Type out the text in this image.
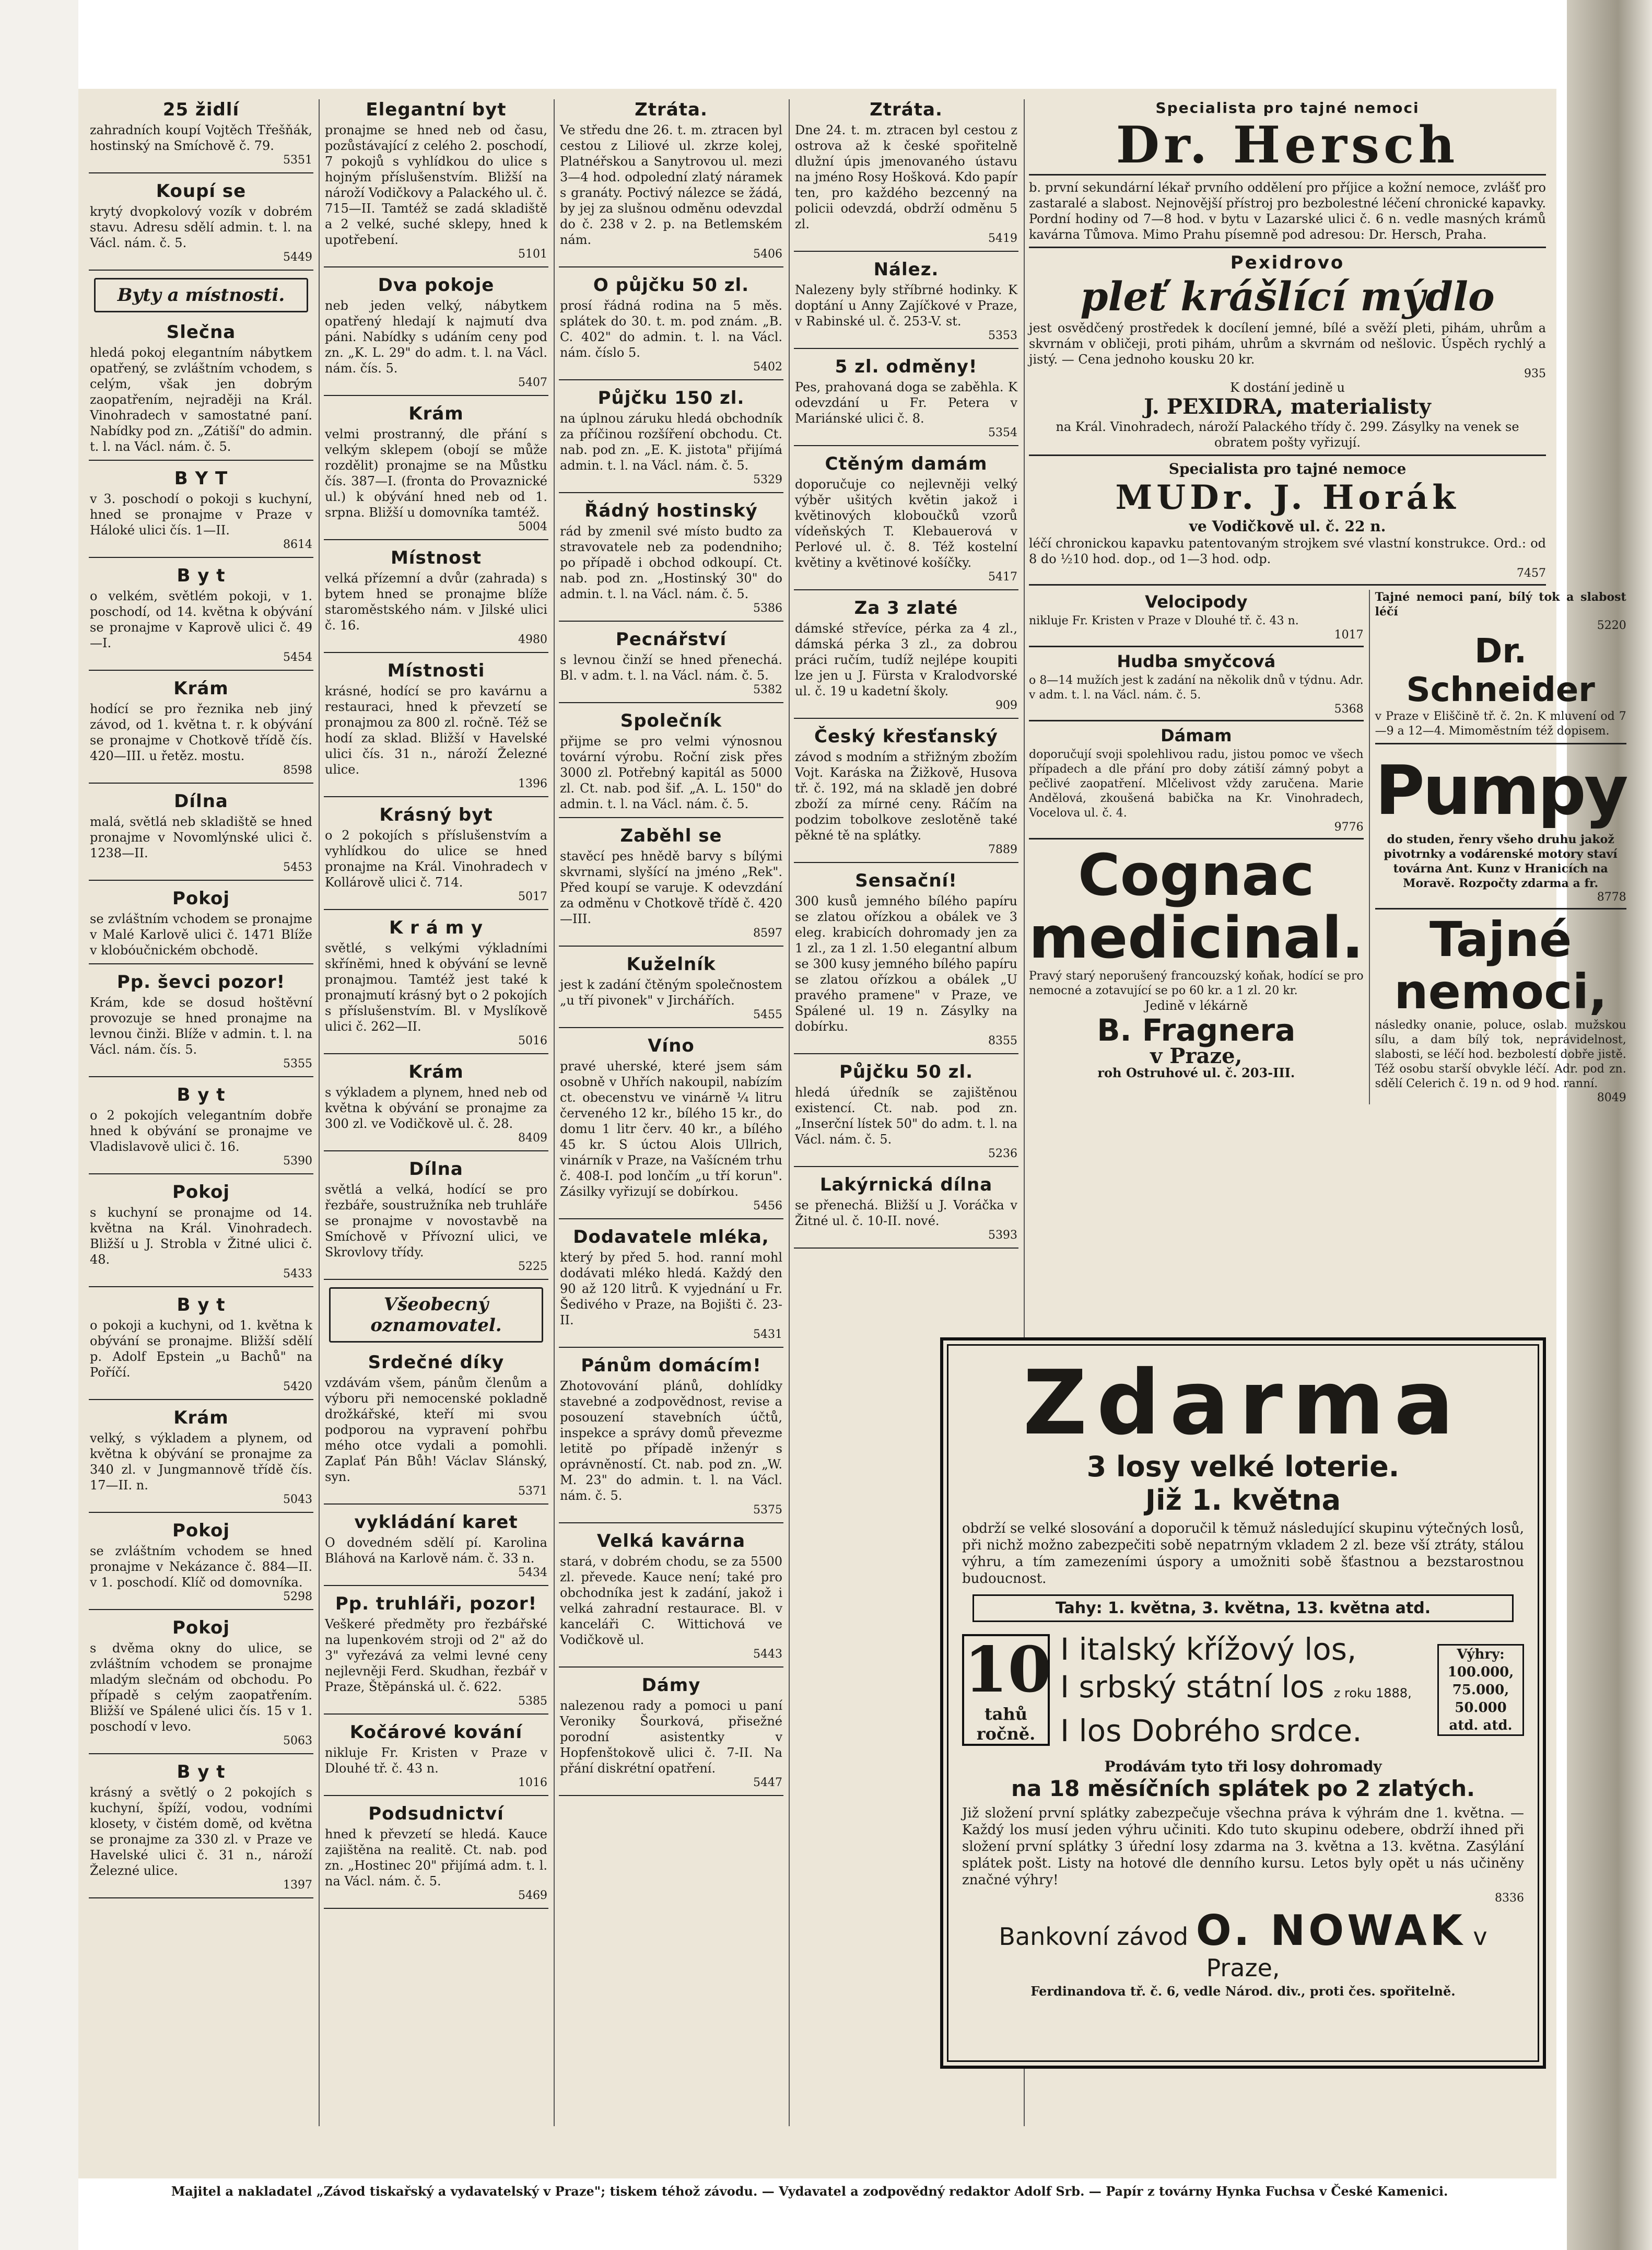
25 židlí

zahradních koupí Vojtěch Třešňák, hostinský na Smíchově č. 79.

5351
Koupí se

krytý dvopkolový vozík v dobrém stavu. Adresu sdělí admin. t. l. na Václ. nám. č. 5.

5449
Byty a místnosti.
Slečna

hledá pokoj elegantním nábytkem opatřený, se zvláštním vchodem, s celým, však jen dobrým zaopatřením, nejraději na Král. Vinohradech v samostatné paní. Nabídky pod zn. „Zátiší" do admin. t. l. na Václ. nám. č. 5.

B Y T

v 3. poschodí o pokoji s kuchyní, hned se pronajme v Praze v Háloké ulici čís. 1—II.

8614
B y t

o velkém, světlém pokoji, v 1. poschodí, od 14. května k obývání se pronajme v Kaprově ulici č. 49—I.

5454
Krám

hodící se pro řeznika neb jiný závod, od 1. května t. r. k obývání se pronajme v Chotkově třídě čís. 420—III. u řetěz. mostu.

8598
Dílna

malá, světlá neb skladiště se hned pronajme v Novomlýnské ulici č. 1238—II.

5453
Pokoj

se zvláštním vchodem se pronajme v Malé Karlově ulici č. 1471 Blíže v klobóučnickém obchodě.

Pp. ševci pozor!

Krám, kde se dosud hoštěvní provozuje se hned pronajme na levnou činži. Blíže v admin. t. l. na Václ. nám. čís. 5.

5355
B y t

o 2 pokojích velegantním dobře hned k obývání se pronajme ve Vladislavově ulici č. 16.

5390
Pokoj

s kuchyní se pronajme od 14. května na Král. Vinohradech. Bližší u J. Strobla v Žitné ulici č. 48.

5433
B y t

o pokoji a kuchyni, od 1. května k obývání se pronajme. Bližší sdělí p. Adolf Epstein „u Bachů" na Poříčí.

5420
Krám

velký, s výkladem a plynem, od května k obývání se pronajme za 340 zl. v Jungmannově třídě čís. 17—II. n.

5043
Pokoj

se zvláštním vchodem se hned pronajme v Nekázance č. 884—II. v 1. poschodí. Klíč od domovníka.

5298
Pokoj

s dvěma okny do ulice, se zvláštním vchodem se pronajme mladým slečnám od obchodu. Po případě s celým zaopatřením. Bližší ve Spálené ulici čís. 15 v 1. poschodí v levo.

5063
B y t

krásný a světlý o 2 pokojích s kuchyní, špíží, vodou, vodními klosety, v čistém domě, od května se pronajme za 330 zl. v Praze ve Havelské ulici č. 31 n., nároží Železné ulice.

1397
Elegantní byt

pronajme se hned neb od času, pozůstávající z celého 2. poschodí, 7 pokojů s vyhlídkou do ulice s hojným příslušenstvím. Bližší na nároží Vodičkovy a Palackého ul. č. 715—II. Tamtéž se zadá skladiště a 2 velké, suché sklepy, hned k upotřebení.

5101
Dva pokoje

neb jeden velký, nábytkem opatřený hledají k najmutí dva páni. Nabídky s udáním ceny pod zn. „K. L. 29" do adm. t. l. na Václ. nám. čís. 5.

5407
Krám

velmi prostranný, dle přání s velkým sklepem (obojí se může rozdělit) pronajme se na Můstku čís. 387—I. (fronta do Provaznické ul.) k obývání hned neb od 1. srpna. Bližší u domovníka tamtéž.

5004
Místnost

velká přízemní a dvůr (zahrada) s bytem hned se pronajme blíže staroměstského nám. v Jilské ulici č. 16.

4980
Místnosti

krásné, hodící se pro kavárnu a restauraci, hned k převzetí se pronajmou za 800 zl. ročně. Též se hodí za sklad. Bližší v Havelské ulici čís. 31 n., nároží Železné ulice.

1396
Krásný byt

o 2 pokojích s příslušenstvím a vyhlídkou do ulice se hned pronajme na Král. Vinohradech v Kollárově ulici č. 714.

5017
K r á m y

světlé, s velkými výkladními skříněmi, hned k obývání se levně pronajmou. Tamtéž jest také k pronajmutí krásný byt o 2 pokojích s příslušenstvím. Bl. v Myslíkově ulici č. 262—II.

5016
Krám

s výkladem a plynem, hned neb od května k obývání se pronajme za 300 zl. ve Vodičkově ul. č. 28.

8409
Dílna

světlá a velká, hodící se pro řezbáře, soustružníka neb truhláře se pronajme v novostavbě na Smíchově v Přívozní ulici, ve Skrovlovy třídy.

5225
Všeobecný oznamovatel.
Srdečné díky

vzdávám všem, pánům členům a výboru při nemocenské pokladně drožkářské, kteří mi svou podporou na vypravení pohřbu mého otce vydali a pomohli. Zaplať Pán Bůh! Václav Slánský, syn.

5371
vykládání karet

O dovedném sdělí pí. Karolina Bláhová na Karlově nám. č. 33 n.

5434
Pp. truhláři, pozor!

Veškeré předměty pro řezbářské na lupenkovém stroji od 2" až do 3" vyřezává za velmi levné ceny nejlevněji Ferd. Skudhan, řezbář v Praze, Štěpánská ul. č. 622.

5385
Kočárové kování

nikluje Fr. Kristen v Praze v Dlouhé tř. č. 43 n.

1016
Podsudnictví

hned k převzetí se hledá. Kauce zajištěna na realitě. Ct. nab. pod zn. „Hostinec 20" přijímá adm. t. l. na Václ. nám. č. 5.

5469
Ztráta.

Ve středu dne 26. t. m. ztracen byl cestou z Liliové ul. zkrze kolej, Platnéřskou a Sanytrovou ul. mezi 3—4 hod. odpolední zlatý náramek s granáty. Poctivý nálezce se žádá, by jej za slušnou odměnu odevzdal do č. 238 v 2. p. na Betlemském nám.

5406
O půjčku 50 zl.

prosí řádná rodina na 5 měs. splátek do 30. t. m. pod znám. „B. C. 402" do admin. t. l. na Václ. nám. číslo 5.

5402
Půjčku 150 zl.

na úplnou záruku hledá obchodník za příčinou rozšíření obchodu. Ct. nab. pod zn. „E. K. jistota" přijímá admin. t. l. na Václ. nám. č. 5.

5329
Řádný hostinský

rád by zmenil své místo budto za stravovatele neb za podendniho; po případě i obchod odkoupí. Ct. nab. pod zn. „Hostinský 30" do admin. t. l. na Václ. nám. č. 5.

5386
Pecnářství

s levnou činží se hned přenechá. Bl. v adm. t. l. na Václ. nám. č. 5.

5382
Společník

přijme se pro velmi výnosnou tovární výrobu. Roční zisk přes 3000 zl. Potřebný kapitál as 5000 zl. Ct. nab. pod šif. „A. L. 150" do admin. t. l. na Václ. nám. č. 5.

Zaběhl se

stavěcí pes hnědě barvy s bílými skvrnami, slyšící na jméno „Rek". Před koupí se varuje. K odevzdání za odměnu v Chotkově třídě č. 420—III.

8597
Kuželník

jest k zadání čtěným společnostem „u tří pivonek" v Jirchářích.

5455
Víno

pravé uherské, které jsem sám osobně v Uhřích nakoupil, nabízím ct. obecenstvu ve vinárně ¼ litru červeného 12 kr., bílého 15 kr., do domu 1 litr červ. 40 kr., a bílého 45 kr. S úctou Alois Ullrich, vinárník v Praze, na Vašícném trhu č. 408-I. pod lončím „u tří korun". Zásilky vyřizují se dobírkou.

5456
Dodavatele mléka,

který by před 5. hod. ranní mohl dodávati mléko hledá. Každý den 90 až 120 litrů. K vyjednání u Fr. Šedivého v Praze, na Bojišti č. 23-II.

5431
Pánům domácím!

Zhotovování plánů, dohlídky stavebné a zodpovědnost, revise a posouzení stavebních účtů, inspekce a správy domů převezme letitě po případě inženýr s oprávněností. Ct. nab. pod zn. „W. M. 23" do admin. t. l. na Václ. nám. č. 5.

5375
Velká kavárna

stará, v dobrém chodu, se za 5500 zl. převede. Kauce není; také pro obchodníka jest k zadání, jakož i velká zahradní restaurace. Bl. v kanceláři C. Wittichová ve Vodičkově ul.

5443
Dámy

nalezenou rady a pomoci u paní Veroniky Šourková, přisežné porodní asistentky v Hopfenštokově ulici č. 7-II. Na přání diskrétní opatření.

5447
Ztráta.

Dne 24. t. m. ztracen byl cestou z ostrova až k české spořitelně dlužní úpis jmenovaného ústavu na jméno Rosy Hošková. Kdo papír ten, pro každého bezcenný na policii odevzdá, obdrží odměnu 5 zl.

5419
Nález.

Nalezeny byly stříbrné hodinky. K doptání u Anny Zajíčkové v Praze, v Rabinské ul. č. 253-V. st.

5353
5 zl. odměny!

Pes, prahovaná doga se zaběhla. K odevzdání u Fr. Petera v Mariánské ulici č. 8.

5354
Ctěným damám

doporučuje co nejlevněji velký výběr ušitých květin jakož i květinových kloboučků vzorů vídeňských T. Klebauerová v Perlové ul. č. 8. Též kostelní květiny a květinové košíčky.

5417
Za 3 zlaté

dámské střevíce, pérka za 4 zl., dámská pérka 3 zl., za dobrou práci ručím, tudíž nejlépe koupiti lze jen u J. Fürsta v Kralodvorské ul. č. 19 u kadetní školy.

909
Český křesťanský

závod s modním a střižným zbožím Vojt. Karáska na Žižkově, Husova tř. č. 192, má na skladě jen dobré zboží za mírné ceny. Ráčím na podzim tobolkove zeslotěně také pěkné tě na splátky.

7889
Sensační!

300 kusů jemného bílého papíru se zlatou ořízkou a obálek ve 3 eleg. krabicích dohromady jen za 1 zl., za 1 zl. 1.50 elegantní album se 300 kusy jemného bílého papíru se zlatou ořízkou a obálek „U pravého pramene" v Praze, ve Spálené ul. 19 n. Zásylky na dobírku.

8355
Půjčku 50 zl.

hledá úředník se zajištěnou existencí. Ct. nab. pod zn. „Inserční lístek 50" do adm. t. l. na Václ. nám. č. 5.

5236
Lakýrnická dílna

se přenechá. Bližší u J. Voráčka v Žitné ul. č. 10-II. nové.

5393
Specialista pro tajné nemoci
Dr. Hersch

b. první sekundární lékař prvního oddělení pro příjice a kožní nemoce, zvlášť pro zastaralé a slabost. Nejnovější přístroj pro bezbolestné léčení chronické kapavky. Pordní hodiny od 7—8 hod. v bytu v Lazarské ulici č. 6 n. vedle masných krámů kavárna Tůmova. Mimo Prahu písemně pod adresou: Dr. Hersch, Praha.

Pexidrovo
pleť krášlící mýdlo

jest osvědčený prostředek k docílení jemné, bílé a svěží pleti, pihám, uhrům a skvrnám v obličeji, proti pihám, uhrům a skvrnám od nešlovic. Úspěch rychlý a jistý. — Cena jednoho kousku 20 kr.

935
K dostání jedině u
J. PEXIDRA, materialisty

na Král. Vinohradech, nároží Palackého třídy č. 299. Zásylky na venek se obratem pošty vyřizují.

Specialista pro tajné nemoce
MUDr. J. Horák
ve Vodičkově ul. č. 22 n.

léčí chronickou kapavku patentovaným strojkem své vlastní konstrukce. Ord.: od 8 do ½10 hod. dop., od 1—3 hod. odp.

7457
Velocipody

nikluje Fr. Kristen v Praze v Dlouhé tř. č. 43 n.

1017
Hudba smyčcová

o 8—14 mužích jest k zadání na několik dnů v týdnu. Adr. v adm. t. l. na Václ. nám. č. 5.

5368
Dámam

doporučují svoji spolehlivou radu, jistou pomoc ve všech případech a dle přání pro doby zátiší zámný pobyt a pečlivé zaopatření. Mlčelivost vždy zaručena. Marie Andělová, zkoušená babička na Kr. Vinohradech, Vocelova ul. č. 4.

9776
Cognac medicinal.

Pravý starý neporušený francouzský koňak, hodící se pro nemocné a zotavující se po 60 kr. a 1 zl. 20 kr.

Jedině v lékárně
B. Fragnera
v Praze,
roh Ostruhové ul. č. 203-III.

Tajné nemoci paní, bílý tok a slabost léčí

5220
Dr. Schneider

v Praze v Eliščině tř. č. 2n. K mluvení od 7—9 a 12—4. Mimoměstním též dopisem.

Pumpy

do studen, řenry všeho druhu jakož pivotrnky a vodárenské motory staví továrna Ant. Kunz v Hranicích na Moravě. Rozpočty zdarma a fr.

8778
Tajné nemoci,

následky onanie, poluce, oslab. mužskou sílu, a dam bílý tok, neprávidelnost, slabosti, se léčí hod. bezbolestí dobře jistě. Též osobu starší obvykle léčí. Adr. pod zn. sdělí Celerich č. 19 n. od 9 hod. ranní.

8049
Zdarma
3 losy velké loterie.
Již 1. května

obdrží se velké slosování a doporučil k těmuž následující skupinu výtečných losů, při nichž možno zabezpečiti sobě nepatrným vkladem 2 zl. beze vší ztráty, stálou výhru, a tím zamezeními úspory a umožniti sobě šťastnou a bezstarostnou budoucnost.

Tahy: 1. května, 3. května, 13. května atd.
10
tahů ročně.
I italský křížový los,
I srbský státní los z roku 1888,
I los Dobrého srdce.
Výhry:
100.000,
75.000,
50.000
atd. atd.
Prodávám tyto tři losy dohromady
na 18 měsíčních splátek po 2 zlatých.

Již složení první splátky zabezpečuje všechna práva k výhrám dne 1. května. — Každý los musí jeden výhru učiniti. Kdo tuto skupinu odebere, obdrží ihned při složení první splátky 3 úřední losy zdarma na 3. května a 13. května. Zasýlání splátek pošt. Listy na hotové dle denního kursu. Letos byly opět u nás učiněny značné výhry!

8336
Bankovní závod O. NOWAK v Praze,
Ferdinandova tř. č. 6, vedle Národ. div., proti čes. spořitelně.
Majitel a nakladatel „Závod tiskařský a vydavatelský v Praze"; tiskem téhož závodu. — Vydavatel a zodpovědný redaktor Adolf Srb. — Papír z továrny Hynka Fuchsa v České Kamenici.
